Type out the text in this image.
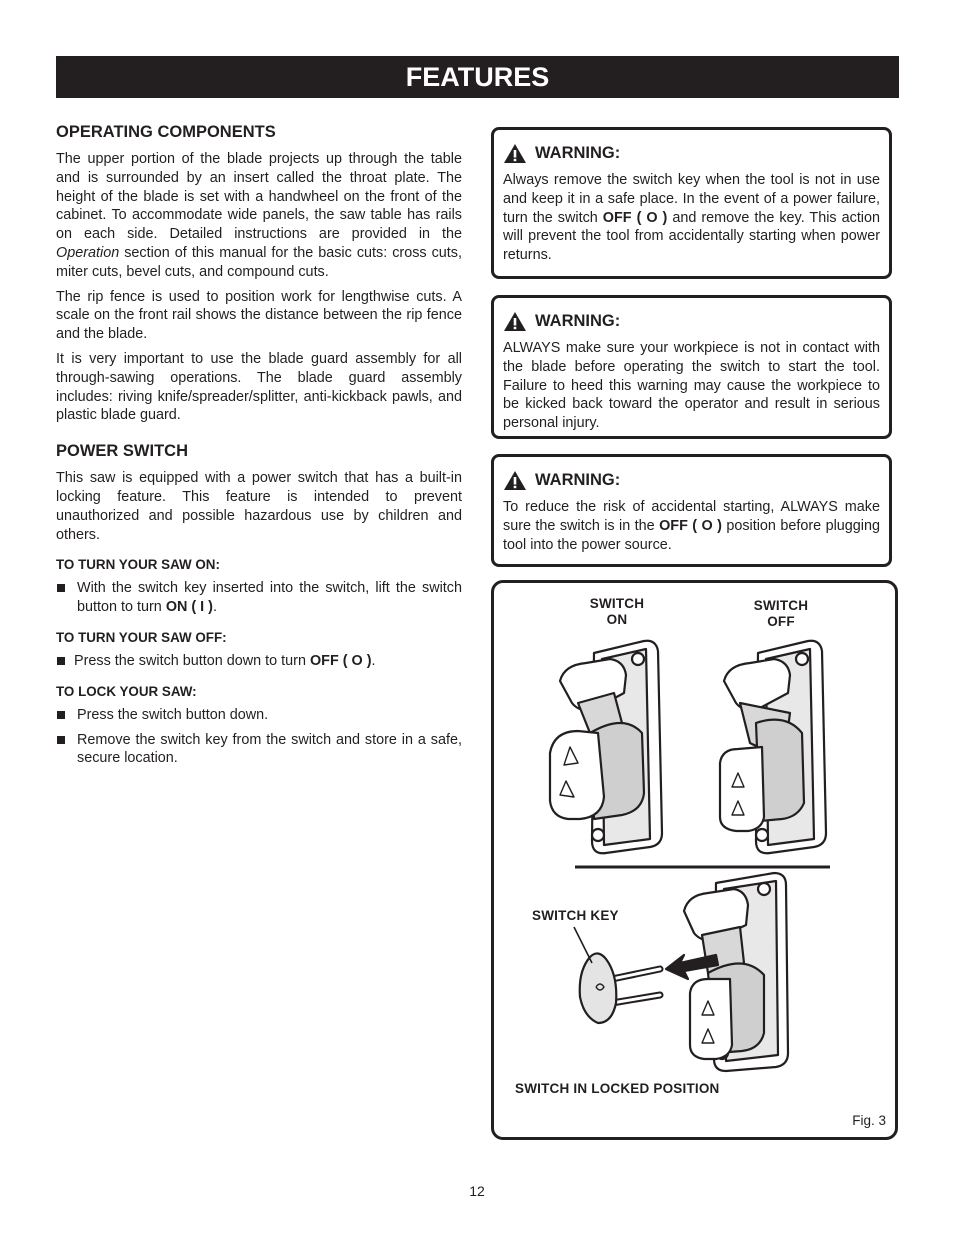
FEATURES
OPERATING COMPONENTS

The upper portion of the blade projects up through the table and is surrounded by an insert called the throat plate. The height of the blade is set with a handwheel on the front of the cabinet. To accommodate wide panels, the saw table has rails on each side. Detailed instructions are provided in the Operation section of this manual for the basic cuts: cross cuts, miter cuts, bevel cuts, and compound cuts.

The rip fence is used to position work for lengthwise cuts. A scale on the front rail shows the distance between the rip fence and the blade.

It is very important to use the blade guard assembly for all through-sawing operations. The blade guard assembly includes: riving knife/spreader/splitter, anti-kickback pawls, and plastic blade guard.

POWER SWITCH

This saw is equipped with a power switch that has a built-in locking feature. This feature is intended to prevent unauthorized and possible hazardous use by children and others.

TO TURN YOUR SAW ON:
With the switch key inserted into the switch, lift the switch button to turn ON ( I ).
TO TURN YOUR SAW OFF:
Press the switch button down to turn OFF ( O ).
TO LOCK YOUR SAW:
Press the switch button down.
Remove the switch key from the switch and store in a safe, secure location.
WARNING:

Always remove the switch key when the tool is not in use and keep it in a safe place. In the event of a power failure, turn the switch OFF ( O ) and remove the key. This action will prevent the tool from accidentally starting when power returns.

WARNING:

ALWAYS make sure your workpiece is not in contact with the blade before operating the switch to start the tool. Failure to heed this warning may cause the workpiece to be kicked back toward the operator and result in serious personal injury.

WARNING:

To reduce the risk of accidental starting, ALWAYS make sure the switch is in the OFF ( O ) position before plugging tool into the power source.

SWITCH
ON
SWITCH
OFF
SWITCH KEY
SWITCH IN LOCKED POSITION
Fig. 3
12
